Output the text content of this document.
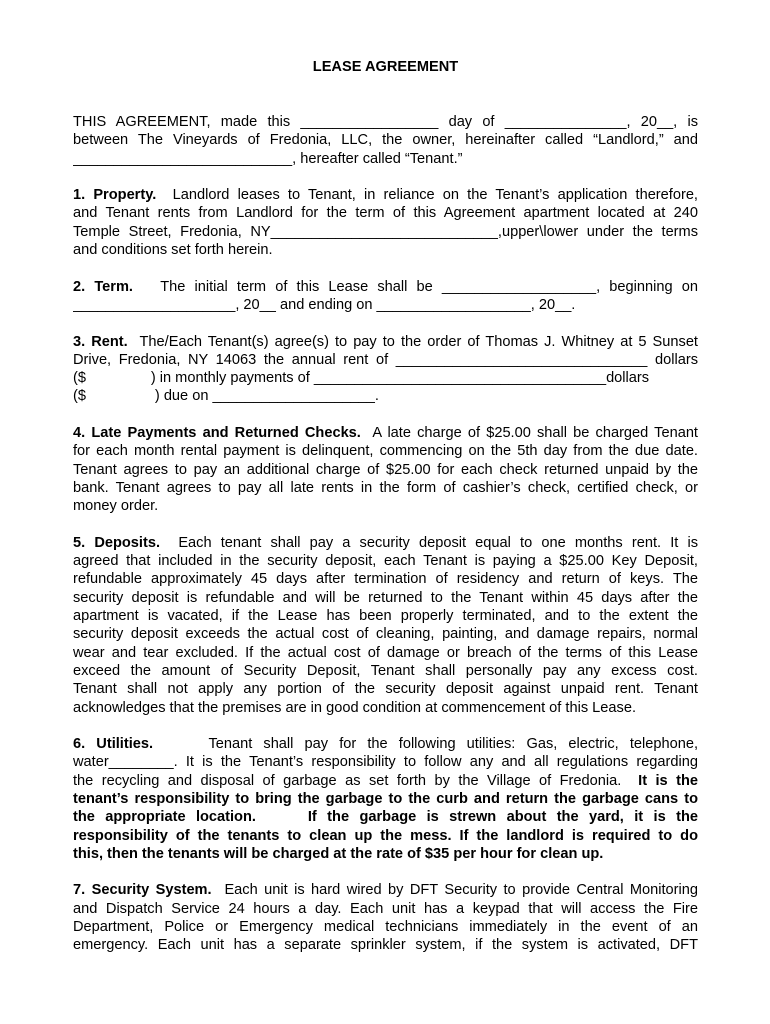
LEASE AGREEMENT

THIS AGREEMENT, made this _________________ day of _______________, 20__, is
between The Vineyards of Fredonia, LLC, the owner, hereinafter called “Landlord,” and
___________________________, hereafter called “Tenant.”

1. Property. Landlord leases to Tenant, in reliance on the Tenant’s application therefore,
and Tenant rents from Landlord for the term of this Agreement apartment located at 240
Temple Street, Fredonia, NY____________________________,upper\lower under the terms
and conditions set forth herein.

2. Term. The initial term of this Lease shall be ___________________, beginning on
____________________, 20__ and ending on ___________________, 20__.

3. Rent. The/Each Tenant(s) agree(s) to pay to the order of Thomas J. Whitney at 5 Sunset
Drive, Fredonia, NY 14063 the annual rent of _______________________________ dollars
($                ) in monthly payments of ____________________________________dollars
($                 ) due on ____________________.

4. Late Payments and Returned Checks. A late charge of $25.00 shall be charged Tenant
for each month rental payment is delinquent, commencing on the 5th day from the due date.
Tenant agrees to pay an additional charge of $25.00 for each check returned unpaid by the
bank. Tenant agrees to pay all late rents in the form of cashier’s check, certified check, or
money order.

5. Deposits. Each tenant shall pay a security deposit equal to one months rent. It is
agreed that included in the security deposit, each Tenant is paying a $25.00 Key Deposit,
refundable approximately 45 days after termination of residency and return of keys. The
security deposit is refundable and will be returned to the Tenant within 45 days after the
apartment is vacated, if the Lease has been properly terminated, and to the extent the
security deposit exceeds the actual cost of cleaning, painting, and damage repairs, normal
wear and tear excluded. If the actual cost of damage or breach of the terms of this Lease
exceed the amount of Security Deposit, Tenant shall personally pay any excess cost.
Tenant shall not apply any portion of the security deposit against unpaid rent. Tenant
acknowledges that the premises are in good condition at commencement of this Lease.

6. Utilities.	Tenant shall pay for the following utilities: Gas, electric, telephone,
water________. It is the Tenant’s responsibility to follow any and all regulations regarding
the recycling and disposal of garbage as set forth by the Village of Fredonia. It is the
tenant’s responsibility to bring the garbage to the curb and return the garbage cans to
the appropriate location.     If the garbage is strewn about the yard, it is the
responsibility of the tenants to clean up the mess. If the landlord is required to do
this, then the tenants will be charged at the rate of $35 per hour for clean up.

7. Security System. Each unit is hard wired by DFT Security to provide Central Monitoring
and Dispatch Service 24 hours a day. Each unit has a keypad that will access the Fire
Department, Police or Emergency medical technicians immediately in the event of an
emergency. Each unit has a separate sprinkler system, if the system is activated, DFT
